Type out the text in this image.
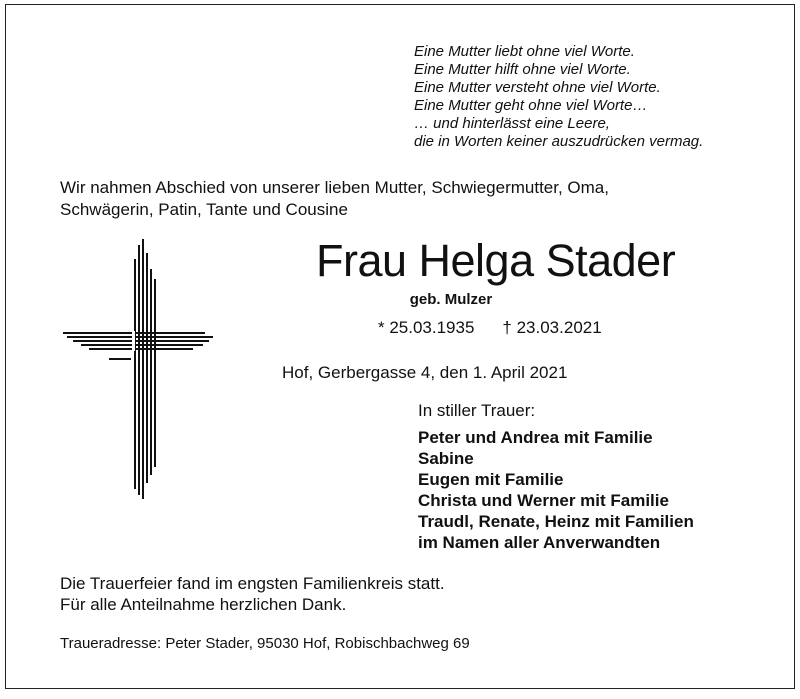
Eine Mutter liebt ohne viel Worte.
Eine Mutter hilft ohne viel Worte.
Eine Mutter versteht ohne viel Worte.
Eine Mutter geht ohne viel Worte…
… und hinterlässt eine Leere,
die in Worten keiner auszudrücken vermag.
Wir nahmen Abschied von unserer lieben Mutter, Schwiegermutter, Oma,
Schwägerin, Patin, Tante und Cousine
Frau Helga Stader
geb. Mulzer
* 25.03.1935 † 23.03.2021
Hof, Gerbergasse 4, den 1. April 2021
In stiller Trauer:
Peter und Andrea mit Familie
Sabine
Eugen mit Familie
Christa und Werner mit Familie
Traudl, Renate, Heinz mit Familien
im Namen aller Anverwandten
Die Trauerfeier fand im engsten Familienkreis statt.
Für alle Anteilnahme herzlichen Dank.
Traueradresse: Peter Stader, 95030 Hof, Robischbachweg 69
